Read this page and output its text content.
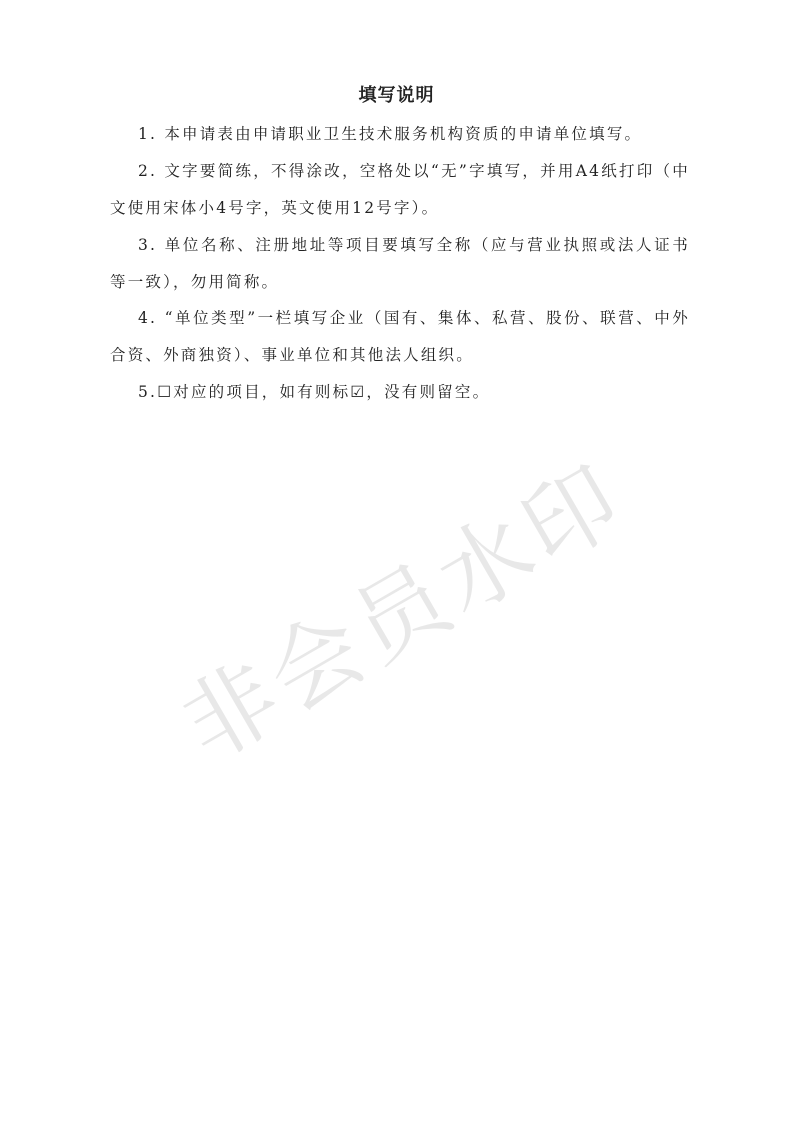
填写说明
1. 本申请表由申请职业卫生技术服务机构资质的申请单位填写。
2. 文字要简练，不得涂改，空格处以“无”字填写，并用A4纸打印（中文使用宋体小4号字，英文使用12号字）。
3. 单位名称、注册地址等项目要填写全称（应与营业执照或法人证书等一致），勿用简称。
4. “单位类型”一栏填写企业（国有、集体、私营、股份、联营、中外合资、外商独资）、事业单位和其他法人组织。
5.☐对应的项目，如有则标☑，没有则留空。
非会员水印
